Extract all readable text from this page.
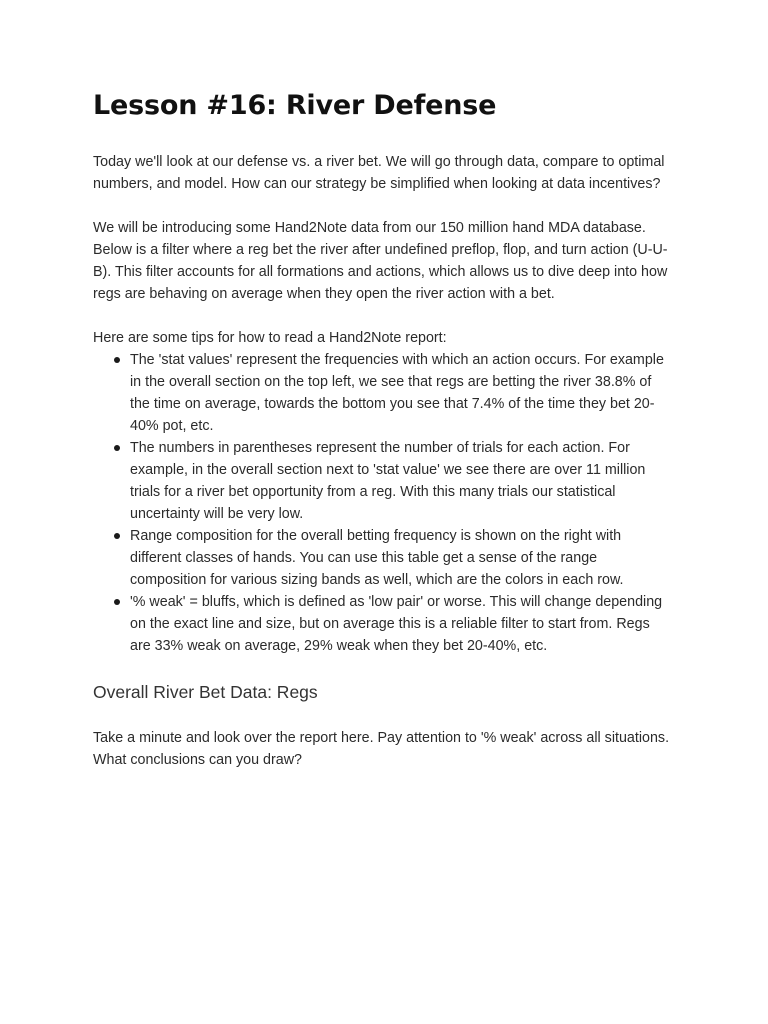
Lesson #16: River Defense

Today we'll look at our defense vs. a river bet. We will go through data, compare to optimal numbers, and model. How can our strategy be simplified when looking at data incentives?

We will be introducing some Hand2Note data from our 150 million hand MDA database. Below is a filter where a reg bet the river after undefined preflop, flop, and turn action (U-U-B). This filter accounts for all formations and actions, which allows us to dive deep into how regs are behaving on average when they open the river action with a bet.

Here are some tips for how to read a Hand2Note report:

The 'stat values' represent the frequencies with which an action occurs. For example in the overall section on the top left, we see that regs are betting the river 38.8% of the time on average, towards the bottom you see that 7.4% of the time they bet 20-40% pot, etc.
The numbers in parentheses represent the number of trials for each action. For example, in the overall section next to 'stat value' we see there are over 11 million trials for a river bet opportunity from a reg. With this many trials our statistical uncertainty will be very low.
Range composition for the overall betting frequency is shown on the right with different classes of hands. You can use this table get a sense of the range composition for various sizing bands as well, which are the colors in each row.
'% weak' = bluffs, which is defined as 'low pair' or worse. This will change depending on the exact line and size, but on average this is a reliable filter to start from. Regs are 33% weak on average, 29% weak when they bet 20-40%, etc.
Overall River Bet Data: Regs

Take a minute and look over the report here. Pay attention to '% weak' across all situations. What conclusions can you draw?
